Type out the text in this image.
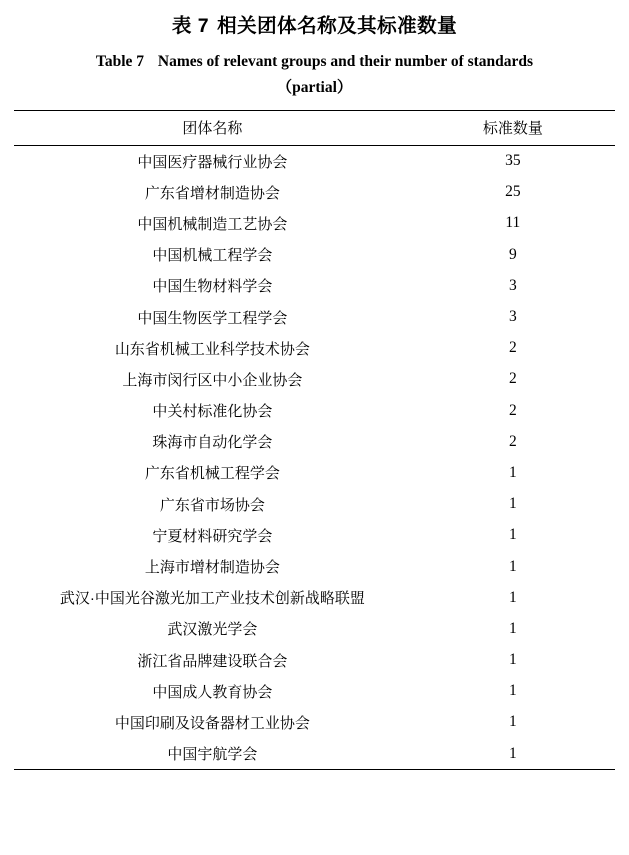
表 7 相关团体名称及其标准数量
Table 7 Names of relevant groups and their number of standards
（partial）
团体名称	标准数量
中国医疗器械行业协会	35
广东省增材制造协会	25
中国机械制造工艺协会	11
中国机械工程学会	9
中国生物材料学会	3
中国生物医学工程学会	3
山东省机械工业科学技术协会	2
上海市闵行区中小企业协会	2
中关村标准化协会	2
珠海市自动化学会	2
广东省机械工程学会	1
广东省市场协会	1
宁夏材料研究学会	1
上海市增材制造协会	1
武汉·中国光谷激光加工产业技术创新战略联盟	1
武汉激光学会	1
浙江省品牌建设联合会	1
中国成人教育协会	1
中国印刷及设备器材工业协会	1
中国宇航学会	1
